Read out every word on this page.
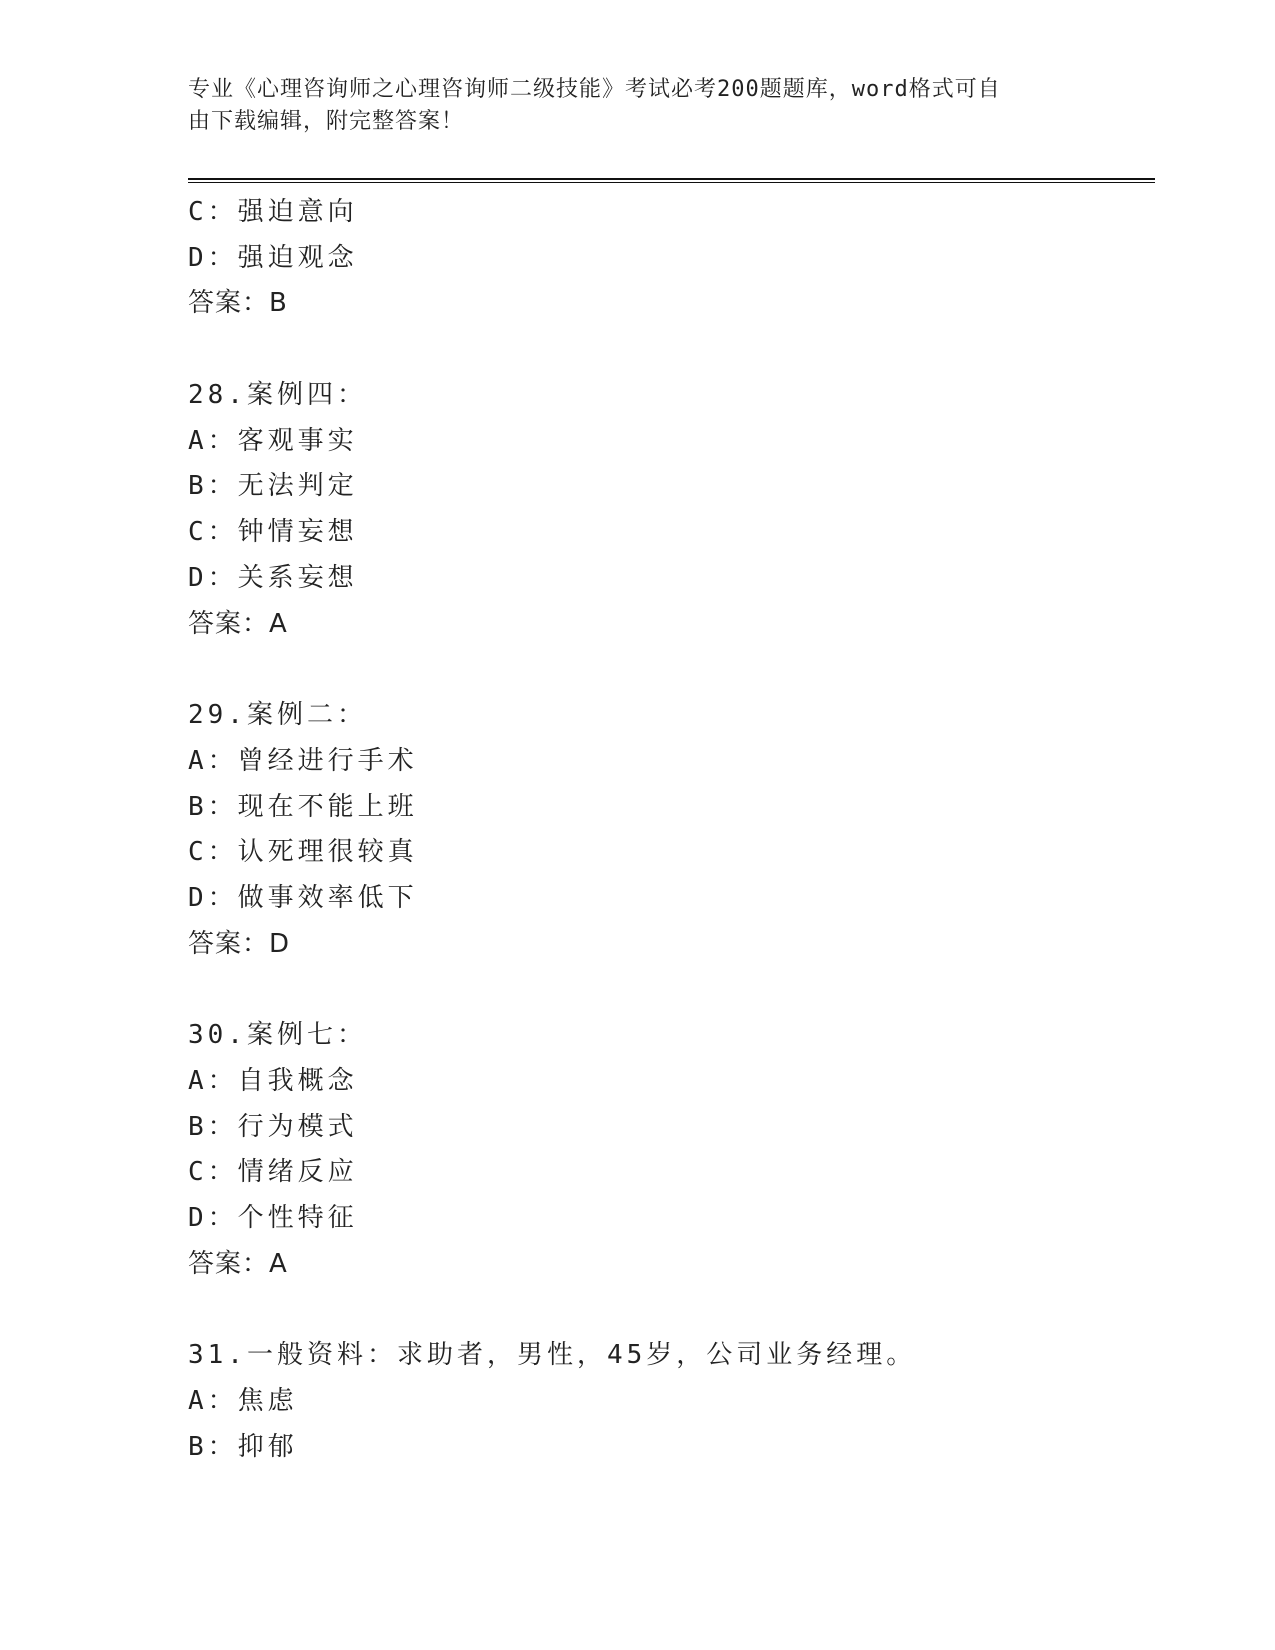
专业《心理咨询师之心理咨询师二级技能》考试必考200题题库，word格式可自
由下载编辑，附完整答案！
C：强迫意向
D：强迫观念
答案：B
28.案例四：
A：客观事实
B：无法判定
C：钟情妄想
D：关系妄想
答案：A
29.案例二：
A：曾经进行手术
B：现在不能上班
C：认死理很较真
D：做事效率低下
答案：D
30.案例七：
A：自我概念
B：行为模式
C：情绪反应
D：个性特征
答案：A
31.一般资料：求助者，男性，45岁，公司业务经理。
A：焦虑
B：抑郁
